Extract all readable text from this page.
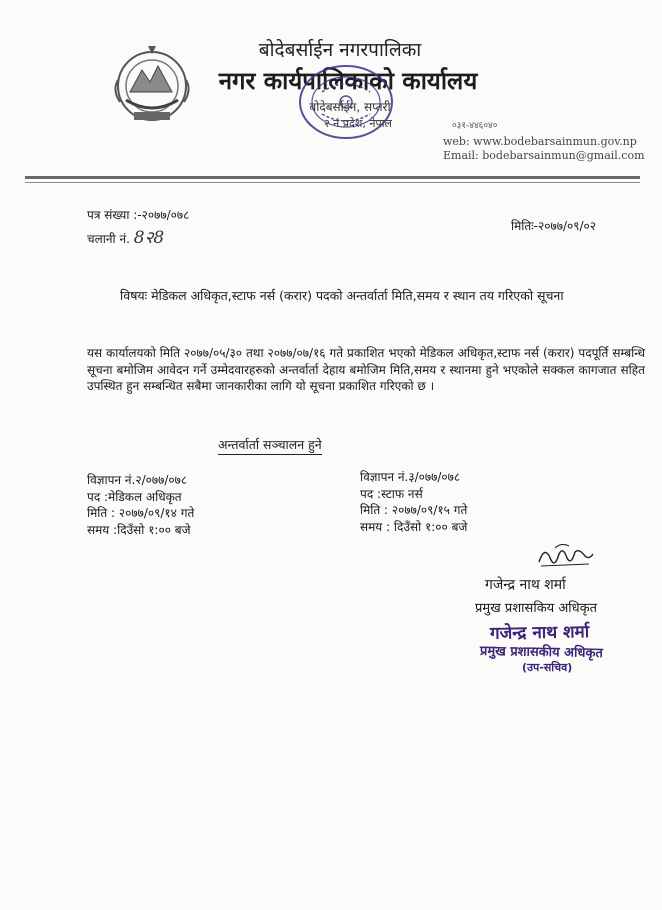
बोदेबर्साईन नगरपालिका
नगर कार्यपालिकाको कार्यालय
बोदेबर्साईन, सप्तरी
२ नं प्रदेश, नेपाल	०३१-४४६०४०
web: www.bodebarsainmun.gov.np
Email: bodebarsainmun@gmail.com
पत्र संख्या :-२०७७/०७८
चलानी नं. 8२8
मितिः-२०७७/०९/०२
विषयः मेडिकल अधिकृत,स्टाफ नर्स (करार) पदको अन्तर्वार्ता मिति,समय र स्थान तय गरिएको सूचना
यस कार्यालयको मिति २०७७/०५/३० तथा २०७७/०७/१६ गते प्रकाशित भएको मेडिकल अधिकृत,स्टाफ नर्स (करार) पदपूर्ति सम्बन्धि सूचना बमोजिम आवेदन गर्ने उम्मेदवारहरुको अन्तर्वार्ता देहाय बमोजिम मिति,समय र स्थानमा हुने भएकोले सक्कल कागजात सहित उपस्थित हुन सम्बन्धित सबैमा जानकारीका लागि यो सूचना प्रकाशित गरिएको छ ।
अन्तर्वार्ता सञ्चालन हुने
विज्ञापन नं.२/०७७/०७८
पद :मेडिकल अधिकृत
मिति : २०७७/०९/१४ गते
समय :दिउँसो १:०० बजे
विज्ञापन नं.३/०७७/०७८
पद :स्टाफ नर्स
मिति : २०७७/०९/१५ गते
समय : दिउँसो १:०० बजे
गजेन्द्र नाथ शर्मा
प्रमुख प्रशासकिय अधिकृत
गजेन्द्र नाथ शर्मा
प्रमुख प्रशासकीय अधिकृत
(उप-सचिव)
